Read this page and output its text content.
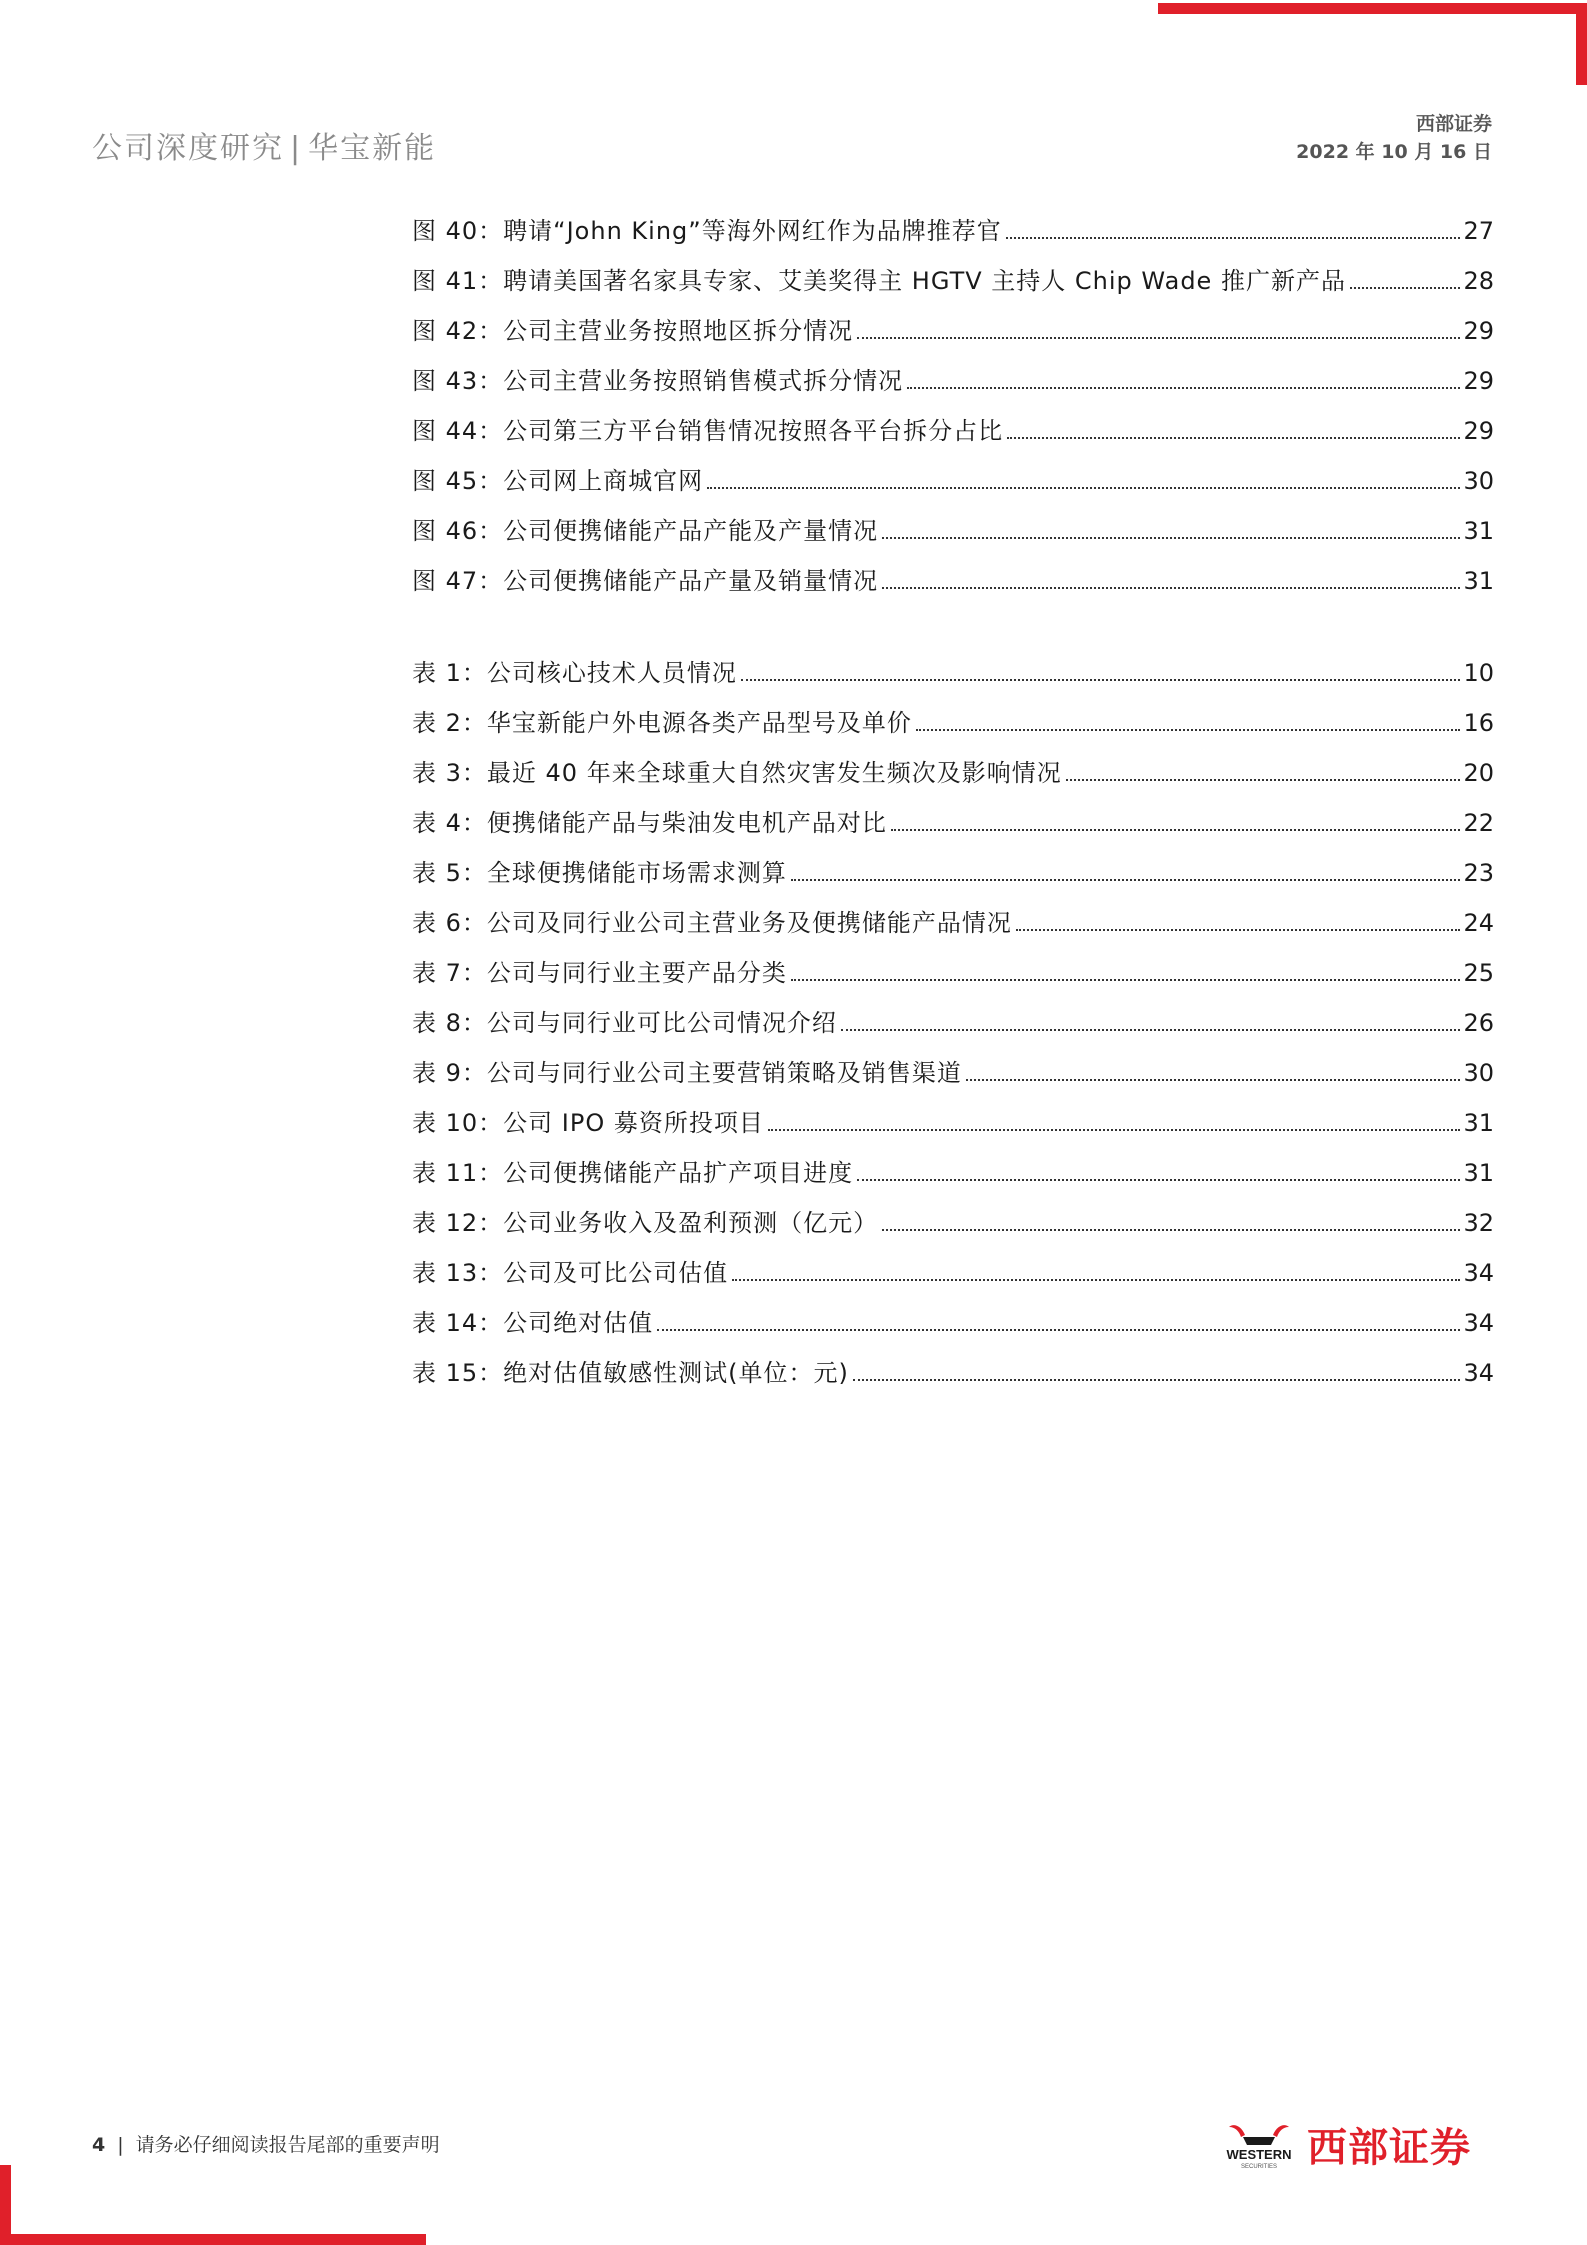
公司深度研究 | 华宝新能
西部证券
2022 年 10 月 16 日
图 40：聘请“John King”等海外网红作为品牌推荐官	27
图 41：聘请美国著名家具专家、艾美奖得主 HGTV 主持人 Chip Wade 推广新产品	28
图 42：公司主营业务按照地区拆分情况	29
图 43：公司主营业务按照销售模式拆分情况	29
图 44：公司第三方平台销售情况按照各平台拆分占比	29
图 45：公司网上商城官网	30
图 46：公司便携储能产品产能及产量情况	31
图 47：公司便携储能产品产量及销量情况	31
表 1：公司核心技术人员情况	10
表 2：华宝新能户外电源各类产品型号及单价	16
表 3：最近 40 年来全球重大自然灾害发生频次及影响情况	20
表 4：便携储能产品与柴油发电机产品对比	22
表 5：全球便携储能市场需求测算	23
表 6：公司及同行业公司主营业务及便携储能产品情况	24
表 7：公司与同行业主要产品分类	25
表 8：公司与同行业可比公司情况介绍	26
表 9：公司与同行业公司主要营销策略及销售渠道	30
表 10：公司 IPO 募资所投项目	31
表 11：公司便携储能产品扩产项目进度	31
表 12：公司业务收入及盈利预测（亿元）	32
表 13：公司及可比公司估值	34
表 14：公司绝对估值	34
表 15：绝对估值敏感性测试(单位：元)	34
4 | 请务必仔细阅读报告尾部的重要声明	WESTERN
SECURITIES 西部证券
